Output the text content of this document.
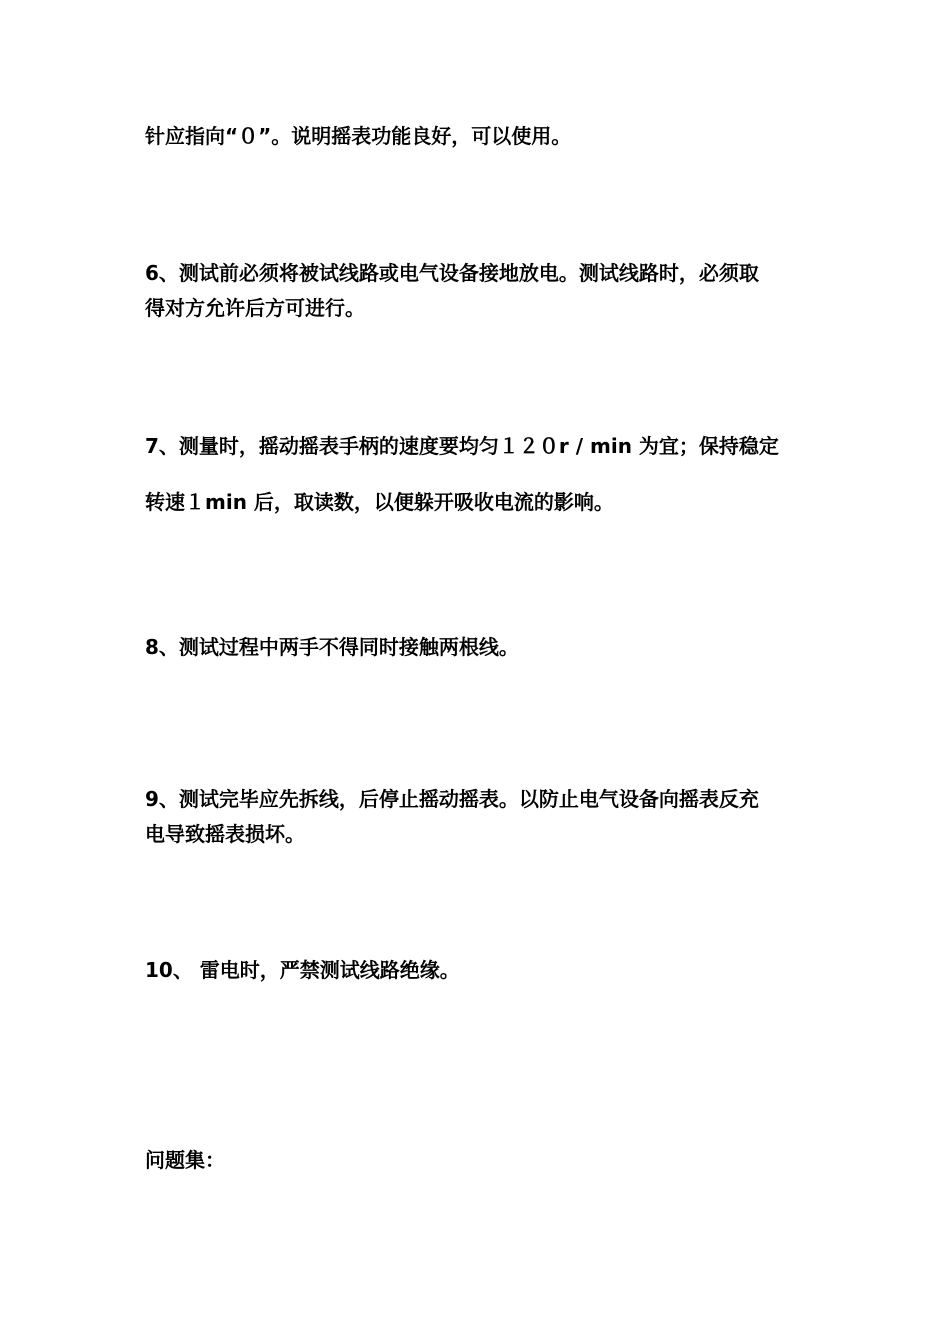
针应指向“０”。说明摇表功能良好，可以使用。
6、测试前必须将被试线路或电气设备接地放电。测试线路时，必须取
得对方允许后方可进行。
7、测量时，摇动摇表手柄的速度要均匀１２０r / min 为宜；保持稳定
转速１min 后，取读数，以便躲开吸收电流的影响。
8、测试过程中两手不得同时接触两根线。
9、测试完毕应先拆线，后停止摇动摇表。以防止电气设备向摇表反充
电导致摇表损坏。
10、 雷电时，严禁测试线路绝缘。
问题集：
